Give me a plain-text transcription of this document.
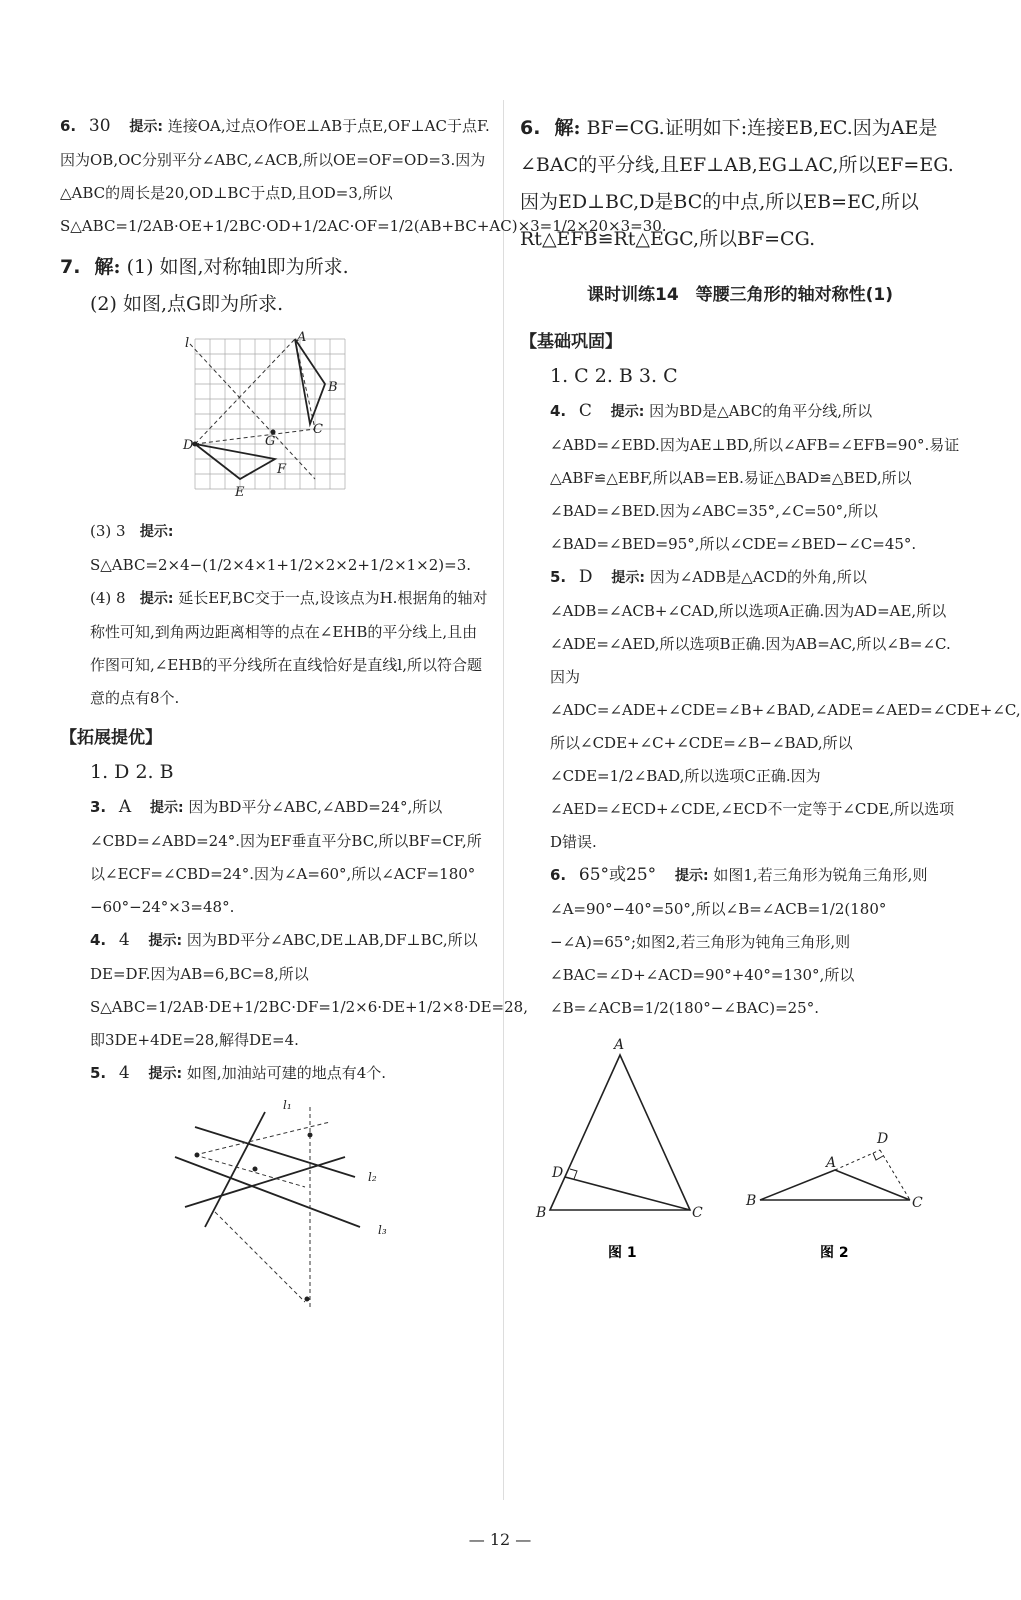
6. 30 提示: 连接OA,过点O作OE⊥AB于点E,OF⊥AC于点F.因为OB,OC分别平分∠ABC,∠ACB,所以OE=OF=OD=3.因为△ABC的周长是20,OD⊥BC于点D,且OD=3,所以S△ABC=1/2AB·OE+1/2BC·OD+1/2AC·OF=1/2(AB+BC+AC)×3=1/2×20×3=30.

7. 解: (1) 如图,对称轴l即为所求.

(2) 如图,点G即为所求.

l	A
B
C
D
E
F
G

(3) 3 提示: S△ABC=2×4−(1/2×4×1+1/2×2×2+1/2×1×2)=3.

(4) 8 提示: 延长EF,BC交于一点,设该点为H.根据角的轴对称性可知,到角两边距离相等的点在∠EHB的平分线上,且由作图可知,∠EHB的平分线所在直线恰好是直线l,所以符合题意的点有8个.

【拓展提优】

1. D 2. B

3. A 提示: 因为BD平分∠ABC,∠ABD=24°,所以∠CBD=∠ABD=24°.因为EF垂直平分BC,所以BF=CF,所以∠ECF=∠CBD=24°.因为∠A=60°,所以∠ACF=180°−60°−24°×3=48°.

4. 4 提示: 因为BD平分∠ABC,DE⊥AB,DF⊥BC,所以DE=DF.因为AB=6,BC=8,所以S△ABC=1/2AB·DE+1/2BC·DF=1/2×6·DE+1/2×8·DE=28,即3DE+4DE=28,解得DE=4.

5. 4 提示: 如图,加油站可建的地点有4个.

l₁
l₂
l₃

6. 解: BF=CG.证明如下:连接EB,EC.因为AE是∠BAC的平分线,且EF⊥AB,EG⊥AC,所以EF=EG.因为ED⊥BC,D是BC的中点,所以EB=EC,所以Rt△EFB≌Rt△EGC,所以BF=CG.

课时训练14　等腰三角形的轴对称性(1)
【基础巩固】

1. C 2. B 3. C

4. C 提示: 因为BD是△ABC的角平分线,所以∠ABD=∠EBD.因为AE⊥BD,所以∠AFB=∠EFB=90°.易证△ABF≌△EBF,所以AB=EB.易证△BAD≌△BED,所以∠BAD=∠BED.因为∠ABC=35°,∠C=50°,所以∠BAD=∠BED=95°,所以∠CDE=∠BED−∠C=45°.

5. D 提示: 因为∠ADB是△ACD的外角,所以∠ADB=∠ACB+∠CAD,所以选项A正确.因为AD=AE,所以∠ADE=∠AED,所以选项B正确.因为AB=AC,所以∠B=∠C.因为∠ADC=∠ADE+∠CDE=∠B+∠BAD,∠ADE=∠AED=∠CDE+∠C,所以∠CDE+∠C+∠CDE=∠B−∠BAD,所以∠CDE=1/2∠BAD,所以选项C正确.因为∠AED=∠ECD+∠CDE,∠ECD不一定等于∠CDE,所以选项D错误.

6. 65°或25° 提示: 如图1,若三角形为锐角三角形,则∠A=90°−40°=50°,所以∠B=∠ACB=1/2(180°−∠A)=65°;如图2,若三角形为钝角三角形,则∠BAC=∠D+∠ACD=90°+40°=130°,所以∠B=∠ACB=1/2(180°−∠BAC)=25°.

A
B	C
D
图 1
A
B	C
D
图 2
— 12 —
